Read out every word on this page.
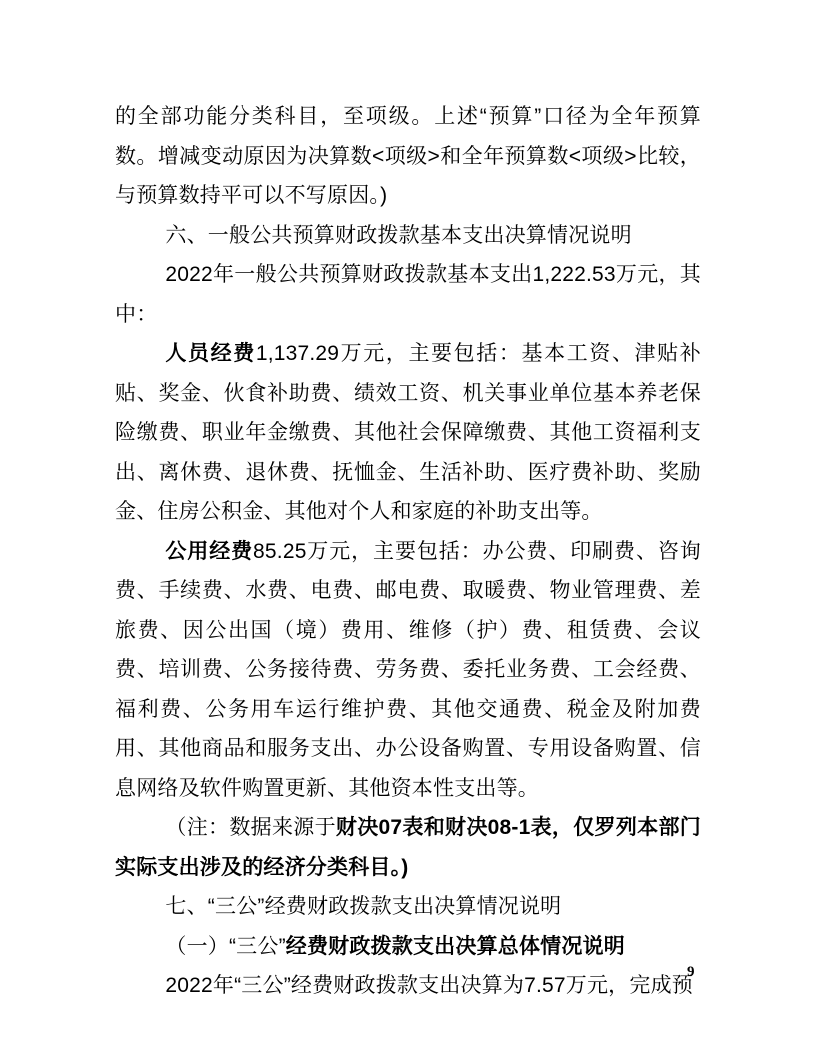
的全部功能分类科目，至项级。上述“预算”口径为全年预算数。增减变动原因为决算数<项级>和全年预算数<项级>比较，与预算数持平可以不写原因。)

六、一般公共预算财政拨款基本支出决算情况说明

2022年一般公共预算财政拨款基本支出1,222.53万元，其中：

人员经费1,137.29万元，主要包括：基本工资、津贴补贴、奖金、伙食补助费、绩效工资、机关事业单位基本养老保险缴费、职业年金缴费、其他社会保障缴费、其他工资福利支出、离休费、退休费、抚恤金、生活补助、医疗费补助、奖励金、住房公积金、其他对个人和家庭的补助支出等。

公用经费85.25万元，主要包括：办公费、印刷费、咨询费、手续费、水费、电费、邮电费、取暖费、物业管理费、差旅费、因公出国（境）费用、维修（护）费、租赁费、会议费、培训费、公务接待费、劳务费、委托业务费、工会经费、福利费、公务用车运行维护费、其他交通费、税金及附加费用、其他商品和服务支出、办公设备购置、专用设备购置、信息网络及软件购置更新、其他资本性支出等。

（注：数据来源于财决07表和财决08-1表，仅罗列本部门实际支出涉及的经济分类科目。)

七、“三公”经费财政拨款支出决算情况说明

（一）“三公”经费财政拨款支出决算总体情况说明

2022年“三公”经费财政拨款支出决算为7.57万元，完成预

9
